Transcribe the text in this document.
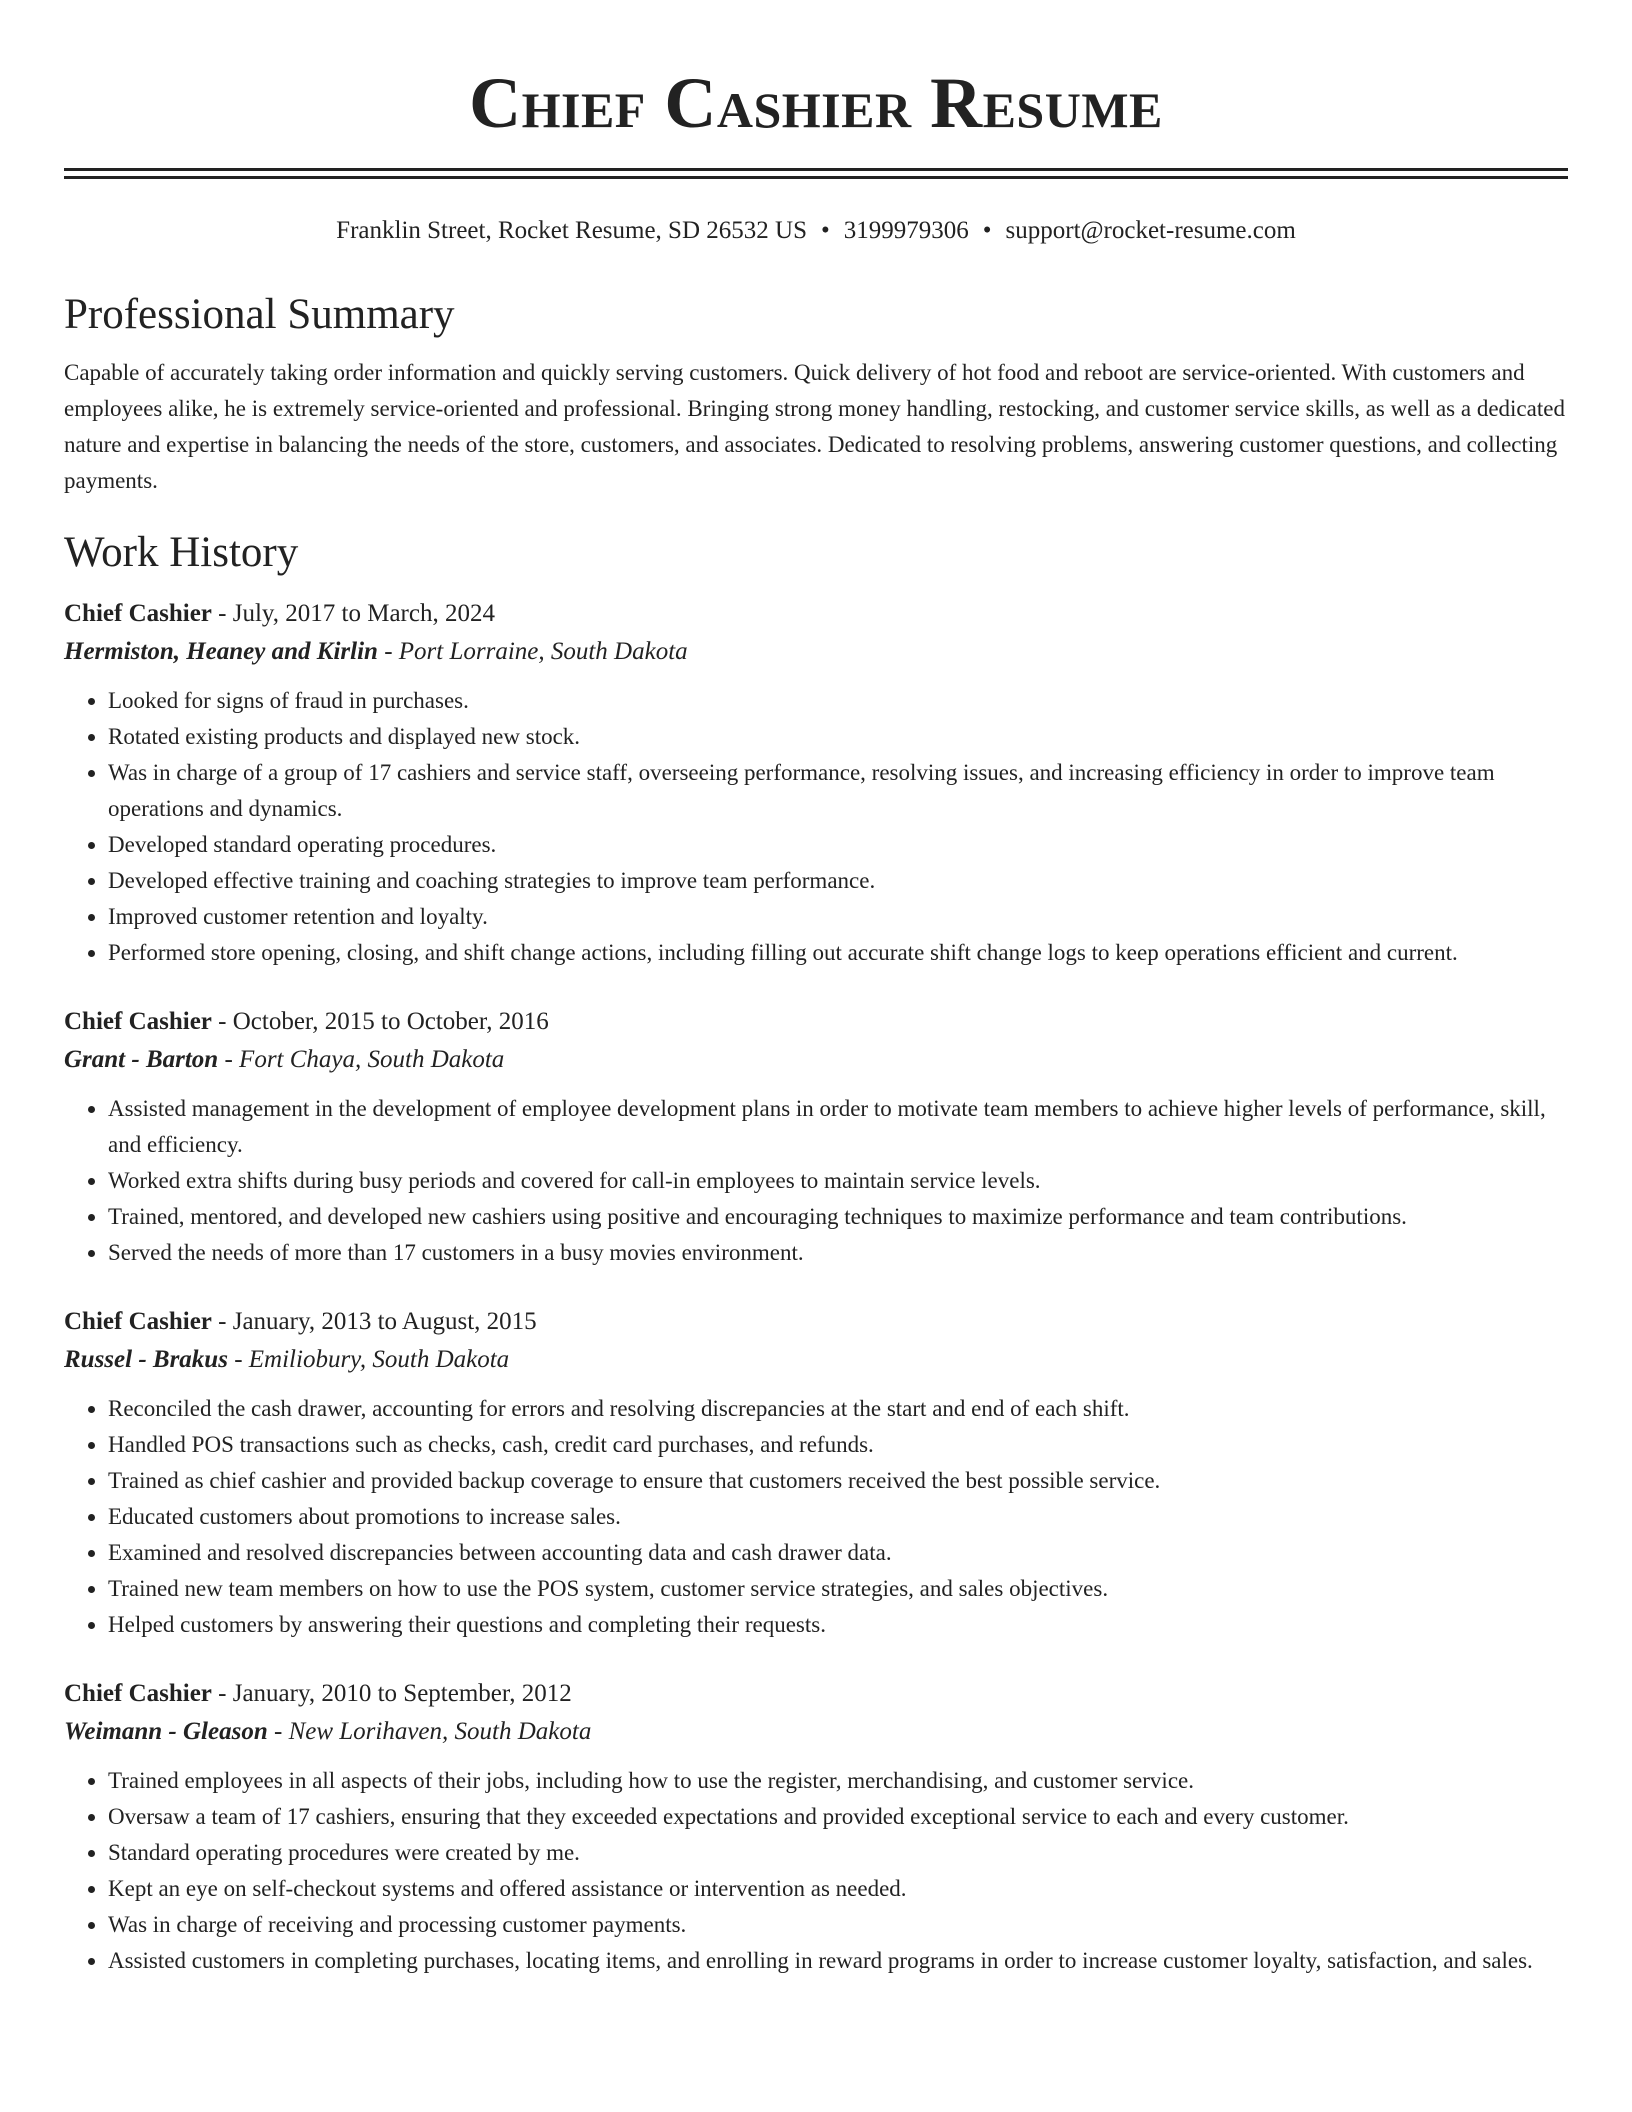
Chief Cashier Resume
Franklin Street, Rocket Resume, SD 26532 US • 3199979306 • support@rocket-resume.com
Professional Summary

Capable of accurately taking order information and quickly serving customers. Quick delivery of hot food and reboot are service-oriented. With customers and employees alike, he is extremely service-oriented and professional. Bringing strong money handling, restocking, and customer service skills, as well as a dedicated nature and expertise in balancing the needs of the store, customers, and associates. Dedicated to resolving problems, answering customer questions, and collecting payments.

Work History
Chief Cashier - July, 2017 to March, 2024
Hermiston, Heaney and Kirlin - Port Lorraine, South Dakota
• Looked for signs of fraud in purchases.
• Rotated existing products and displayed new stock.
• Was in charge of a group of 17 cashiers and service staff, overseeing performance, resolving issues, and increasing efficiency in order to improve team operations and dynamics.
• Developed standard operating procedures.
• Developed effective training and coaching strategies to improve team performance.
• Improved customer retention and loyalty.
• Performed store opening, closing, and shift change actions, including filling out accurate shift change logs to keep operations efficient and current.
Chief Cashier - October, 2015 to October, 2016
Grant - Barton - Fort Chaya, South Dakota
• Assisted management in the development of employee development plans in order to motivate team members to achieve higher levels of performance, skill, and efficiency.
• Worked extra shifts during busy periods and covered for call-in employees to maintain service levels.
• Trained, mentored, and developed new cashiers using positive and encouraging techniques to maximize performance and team contributions.
• Served the needs of more than 17 customers in a busy movies environment.
Chief Cashier - January, 2013 to August, 2015
Russel - Brakus - Emiliobury, South Dakota
• Reconciled the cash drawer, accounting for errors and resolving discrepancies at the start and end of each shift.
• Handled POS transactions such as checks, cash, credit card purchases, and refunds.
• Trained as chief cashier and provided backup coverage to ensure that customers received the best possible service.
• Educated customers about promotions to increase sales.
• Examined and resolved discrepancies between accounting data and cash drawer data.
• Trained new team members on how to use the POS system, customer service strategies, and sales objectives.
• Helped customers by answering their questions and completing their requests.
Chief Cashier - January, 2010 to September, 2012
Weimann - Gleason - New Lorihaven, South Dakota
• Trained employees in all aspects of their jobs, including how to use the register, merchandising, and customer service.
• Oversaw a team of 17 cashiers, ensuring that they exceeded expectations and provided exceptional service to each and every customer.
• Standard operating procedures were created by me.
• Kept an eye on self-checkout systems and offered assistance or intervention as needed.
• Was in charge of receiving and processing customer payments.
• Assisted customers in completing purchases, locating items, and enrolling in reward programs in order to increase customer loyalty, satisfaction, and sales.
